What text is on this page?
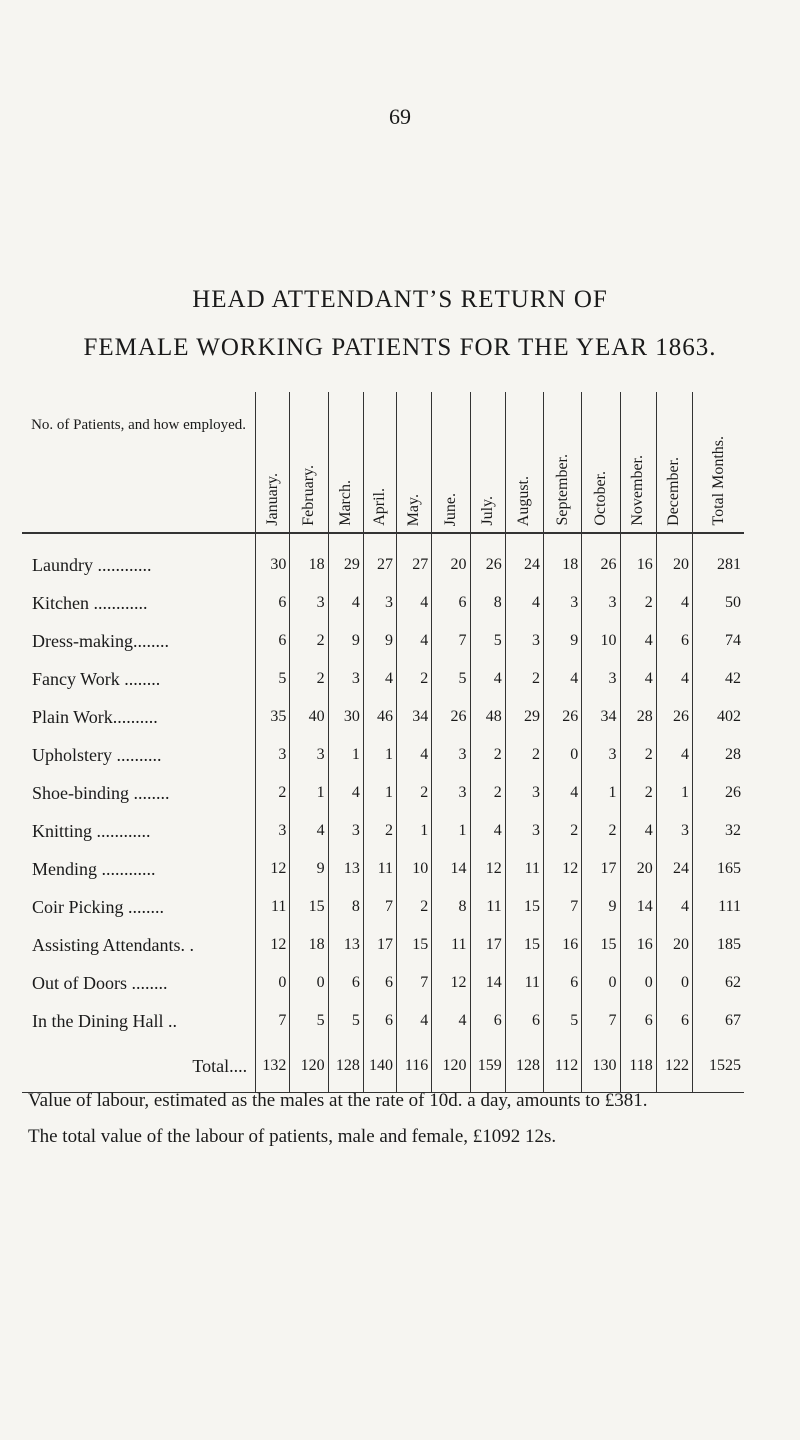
69
HEAD ATTENDANT’S RETURN OF
FEMALE WORKING PATIENTS FOR THE YEAR 1863.
No. of Patients, and how employed.	January.	February.	March.	April.	May.	June.	July.	August.	September.	October.	November.	December.	Total Months.

Laundry ............	30	18	29	27	27	20	26	24	18	26	16	20	281
Kitchen ............	6	3	4	3	4	6	8	4	3	3	2	4	50
Dress-making........	6	2	9	9	4	7	5	3	9	10	4	6	74
Fancy Work ........	5	2	3	4	2	5	4	2	4	3	4	4	42
Plain Work..........	35	40	30	46	34	26	48	29	26	34	28	26	402
Upholstery ..........	3	3	1	1	4	3	2	2	0	3	2	4	28
Shoe-binding ........	2	1	4	1	2	3	2	3	4	1	2	1	26
Knitting ............	3	4	3	2	1	1	4	3	2	2	4	3	32
Mending ............	12	9	13	11	10	14	12	11	12	17	20	24	165
Coir Picking ........	11	15	8	7	2	8	11	15	7	9	14	4	111
Assisting Attendants. .	12	18	13	17	15	11	17	15	16	15	16	20	185
Out of Doors ........	0	0	6	6	7	12	14	11	6	0	0	0	62
In the Dining Hall ..	7	5	5	6	4	4	6	6	5	7	6	6	67
Total....	132	120	128	140	116	120	159	128	112	130	118	122	1525
Value of labour, estimated as the males at the rate of 10d. a day, amounts to £381.
The total value of the labour of patients, male and female, £1092 12s.
